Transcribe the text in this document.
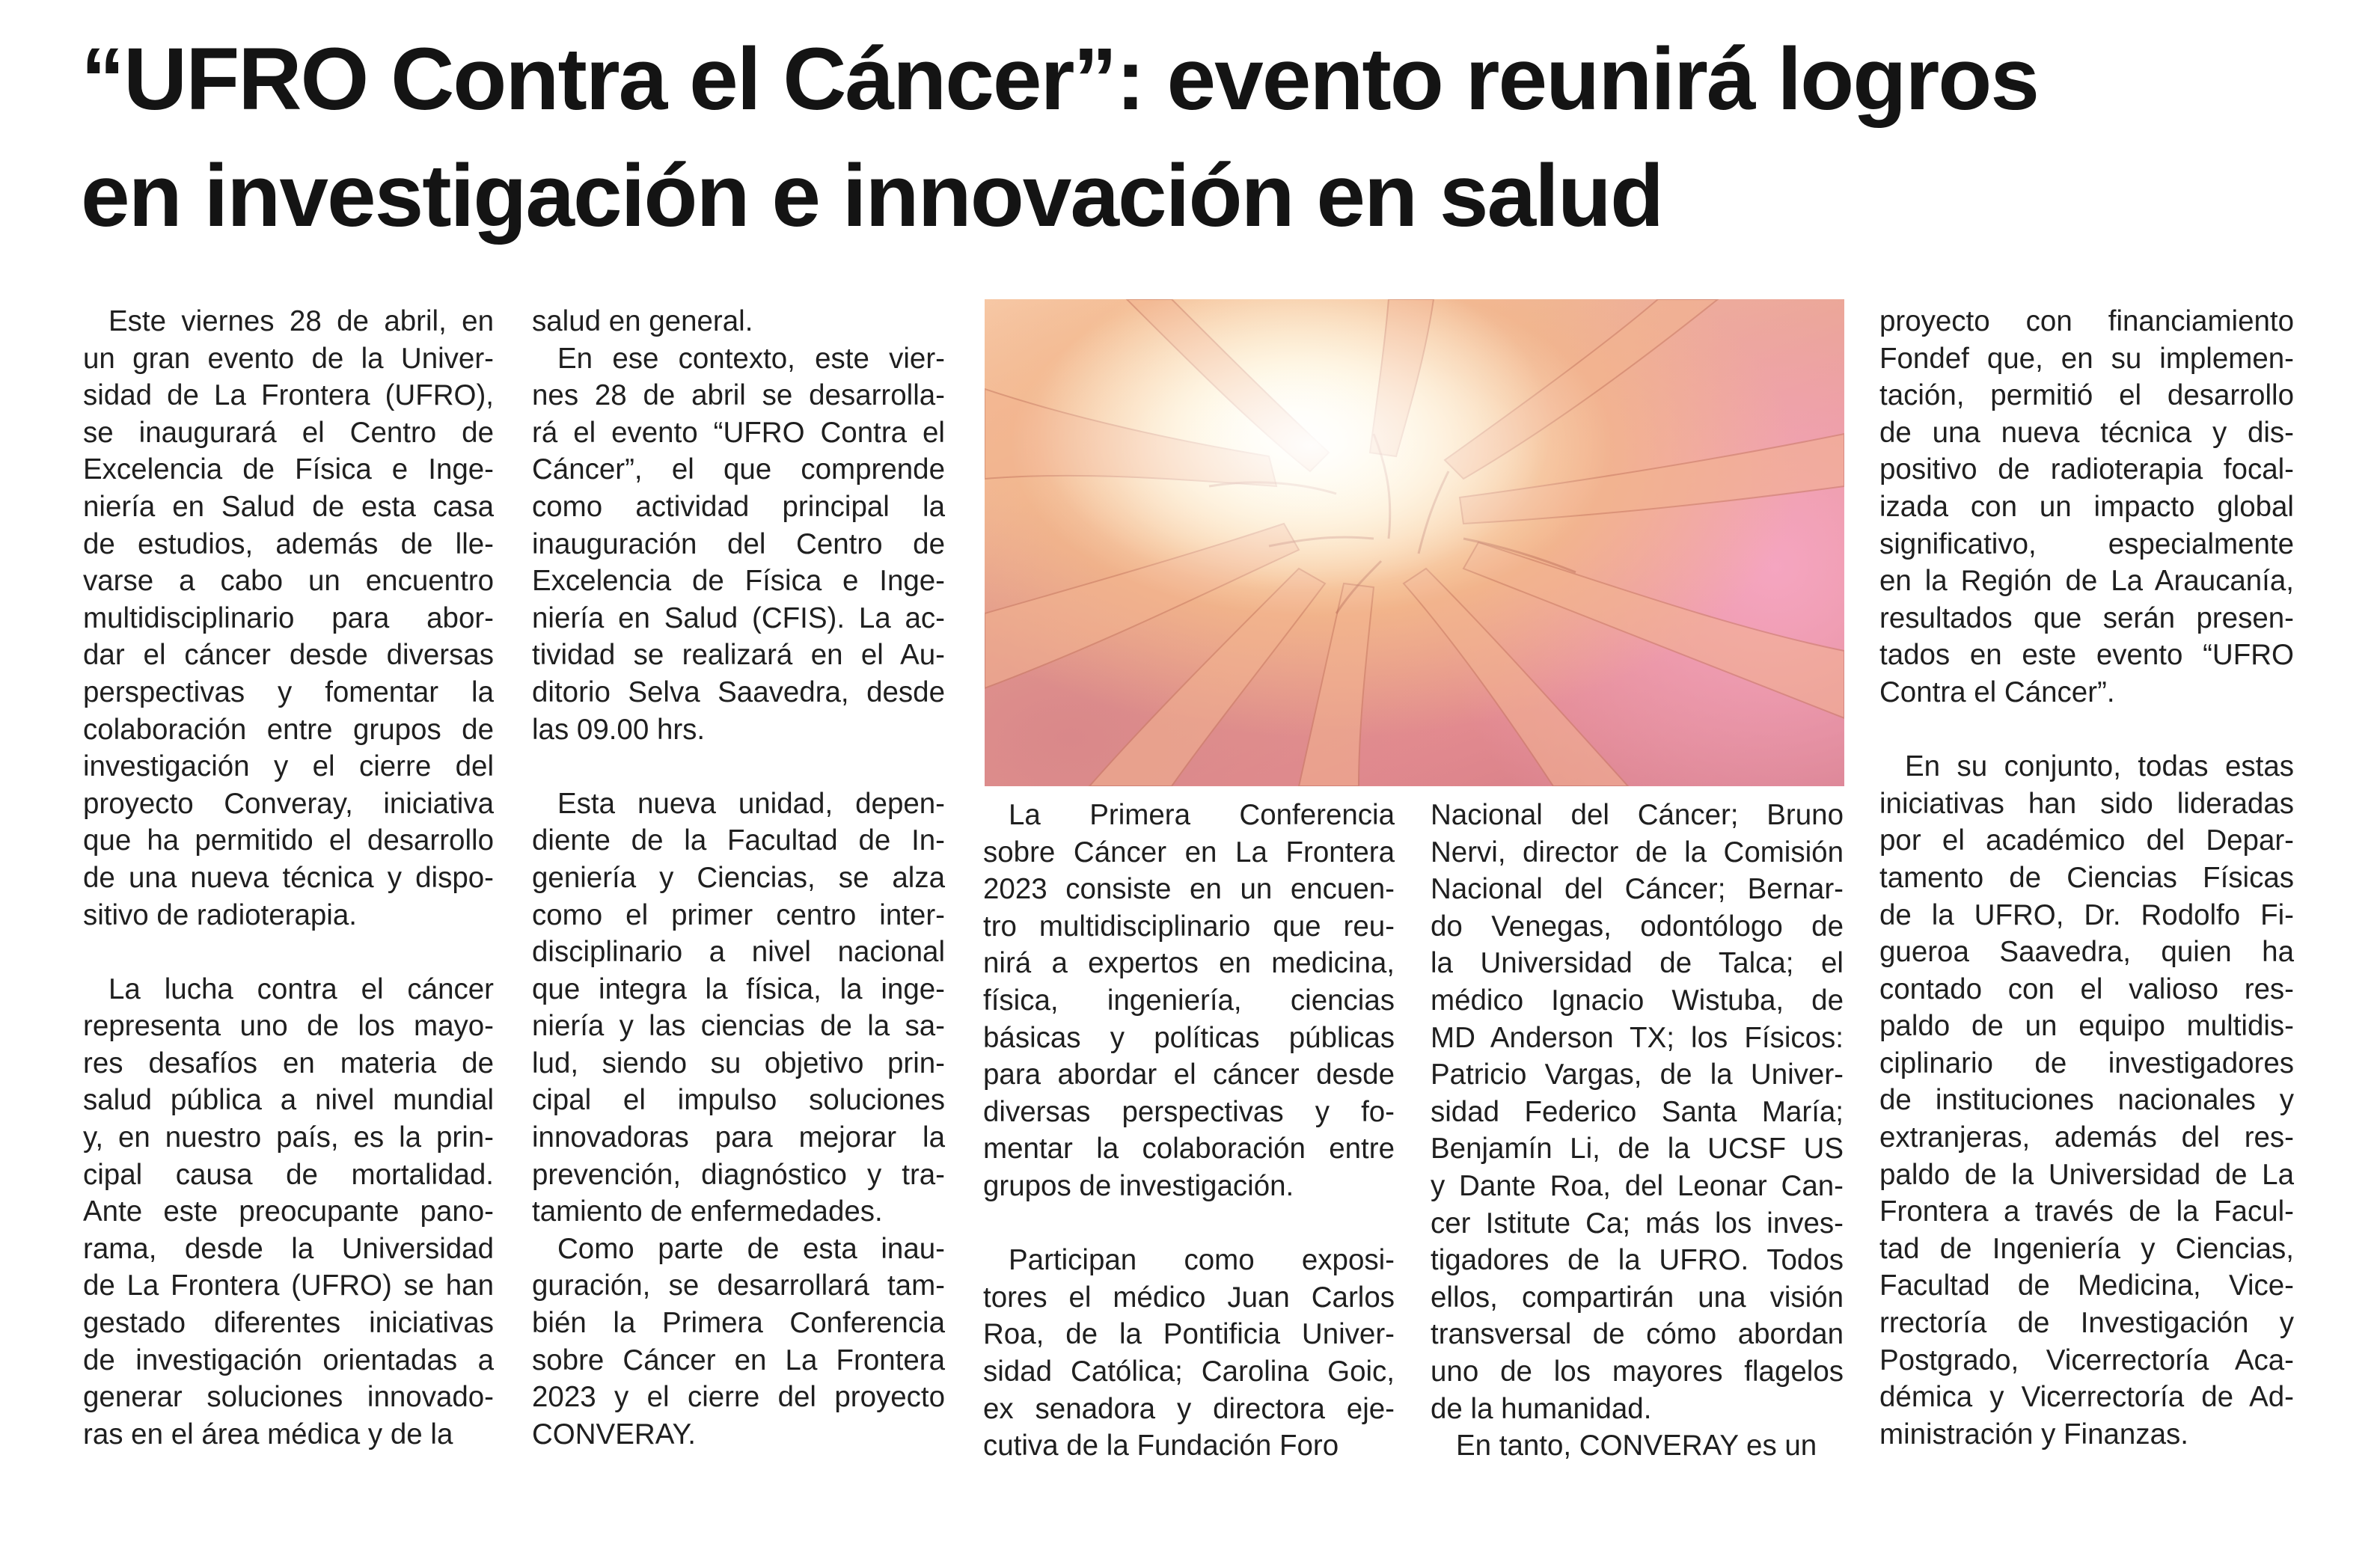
“UFRO Contra el Cáncer”: evento reunirá logros
en investigación e innovación en salud

Este viernes 28 de abril, en
un gran evento de la Univer-
sidad de La Frontera (UFRO),
se inaugurará el Centro de
Excelencia de Física e Inge-
niería en Salud de esta casa
de estudios, además de lle-
varse a cabo un encuentro
multidisciplinario para abor-
dar el cáncer desde diversas
perspectivas y fomentar la
colaboración entre grupos de
investigación y el cierre del
proyecto Converay, iniciativa
que ha permitido el desarrollo
de una nueva técnica y dispo-
sitivo de radioterapia.

La lucha contra el cáncer
representa uno de los mayo-
res desafíos en materia de
salud pública a nivel mundial
y, en nuestro país, es la prin-
cipal causa de mortalidad.
Ante este preocupante pano-
rama, desde la Universidad
de La Frontera (UFRO) se han
gestado diferentes iniciativas
de investigación orientadas a
generar soluciones innovado-
ras en el área médica y de la

salud en general.

En ese contexto, este vier-
nes 28 de abril se desarrolla-
rá el evento “UFRO Contra el
Cáncer”, el que comprende
como actividad principal la
inauguración del Centro de
Excelencia de Física e Inge-
niería en Salud (CFIS). La ac-
tividad se realizará en el Au-
ditorio Selva Saavedra, desde
las 09.00 hrs.

Esta nueva unidad, depen-
diente de la Facultad de In-
geniería y Ciencias, se alza
como el primer centro inter-
disciplinario a nivel nacional
que integra la física, la inge-
niería y las ciencias de la sa-
lud, siendo su objetivo prin-
cipal el impulso soluciones
innovadoras para mejorar la
prevención, diagnóstico y tra-
tamiento de enfermedades.

Como parte de esta inau-
guración, se desarrollará tam-
bién la Primera Conferencia
sobre Cáncer en La Frontera
2023 y el cierre del proyecto
CONVERAY.

La Primera Conferencia
sobre Cáncer en La Frontera
2023 consiste en un encuen-
tro multidisciplinario que reu-
nirá a expertos en medicina,
física, ingeniería, ciencias
básicas y políticas públicas
para abordar el cáncer desde
diversas perspectivas y fo-
mentar la colaboración entre
grupos de investigación.

Participan como exposi-
tores el médico Juan Carlos
Roa, de la Pontificia Univer-
sidad Católica; Carolina Goic,
ex senadora y directora eje-
cutiva de la Fundación Foro

Nacional del Cáncer; Bruno
Nervi, director de la Comisión
Nacional del Cáncer; Bernar-
do Venegas, odontólogo de
la Universidad de Talca; el
médico Ignacio Wistuba, de
MD Anderson TX; los Físicos:
Patricio Vargas, de la Univer-
sidad Federico Santa María;
Benjamín Li, de la UCSF US
y Dante Roa, del Leonar Can-
cer Istitute Ca; más los inves-
tigadores de la UFRO. Todos
ellos, compartirán una visión
transversal de cómo abordan
uno de los mayores flagelos
de la humanidad.

En tanto, CONVERAY es un

proyecto con financiamiento
Fondef que, en su implemen-
tación, permitió el desarrollo
de una nueva técnica y dis-
positivo de radioterapia focal-
izada con un impacto global
significativo, especialmente
en la Región de La Araucanía,
resultados que serán presen-
tados en este evento “UFRO
Contra el Cáncer”.

En su conjunto, todas estas
iniciativas han sido lideradas
por el académico del Depar-
tamento de Ciencias Físicas
de la UFRO, Dr. Rodolfo Fi-
gueroa Saavedra, quien ha
contado con el valioso res-
paldo de un equipo multidis-
ciplinario de investigadores
de instituciones nacionales y
extranjeras, además del res-
paldo de la Universidad de La
Frontera a través de la Facul-
tad de Ingeniería y Ciencias,
Facultad de Medicina, Vice-
rrectoría de Investigación y
Postgrado, Vicerrectoría Aca-
démica y Vicerrectoría de Ad-
ministración y Finanzas.
